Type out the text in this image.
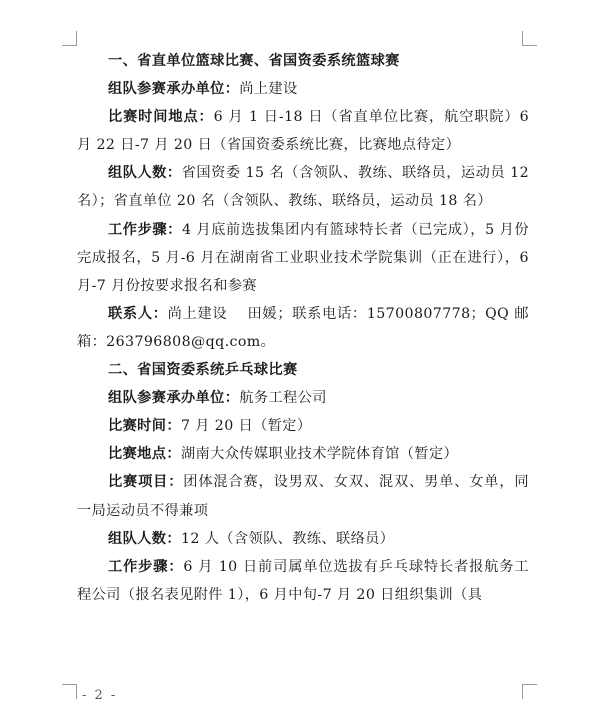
一、省直单位篮球比赛、省国资委系统篮球赛

组队参赛承办单位：尚上建设

比赛时间地点：6 月 1 日-18 日（省直单位比赛，航空职院）6 月 22 日-7 月 20 日（省国资委系统比赛，比赛地点待定）

组队人数：省国资委 15 名（含领队、教练、联络员，运动员 12 名）；省直单位 20 名（含领队、教练、联络员，运动员 18 名）

工作步骤：4 月底前选拔集团内有篮球特长者（已完成），5 月份完成报名，5 月-6 月在湖南省工业职业技术学院集训（正在进行），6 月-7 月份按要求报名和参赛

联系人：尚上建设　 田媛；联系电话：15700807778；QQ 邮箱：263796808@qq.com。

二、省国资委系统乒乓球比赛

组队参赛承办单位：航务工程公司

比赛时间：7 月 20 日（暂定）

比赛地点：湖南大众传媒职业技术学院体育馆（暂定）

比赛项目：团体混合赛，设男双、女双、混双、男单、女单，同一局运动员不得兼项

组队人数：12 人（含领队、教练、联络员）

工作步骤：6 月 10 日前司属单位选拔有乒乓球特长者报航务工程公司（报名表见附件 1），6 月中旬-7 月 20 日组织集训（具

- 2 -
